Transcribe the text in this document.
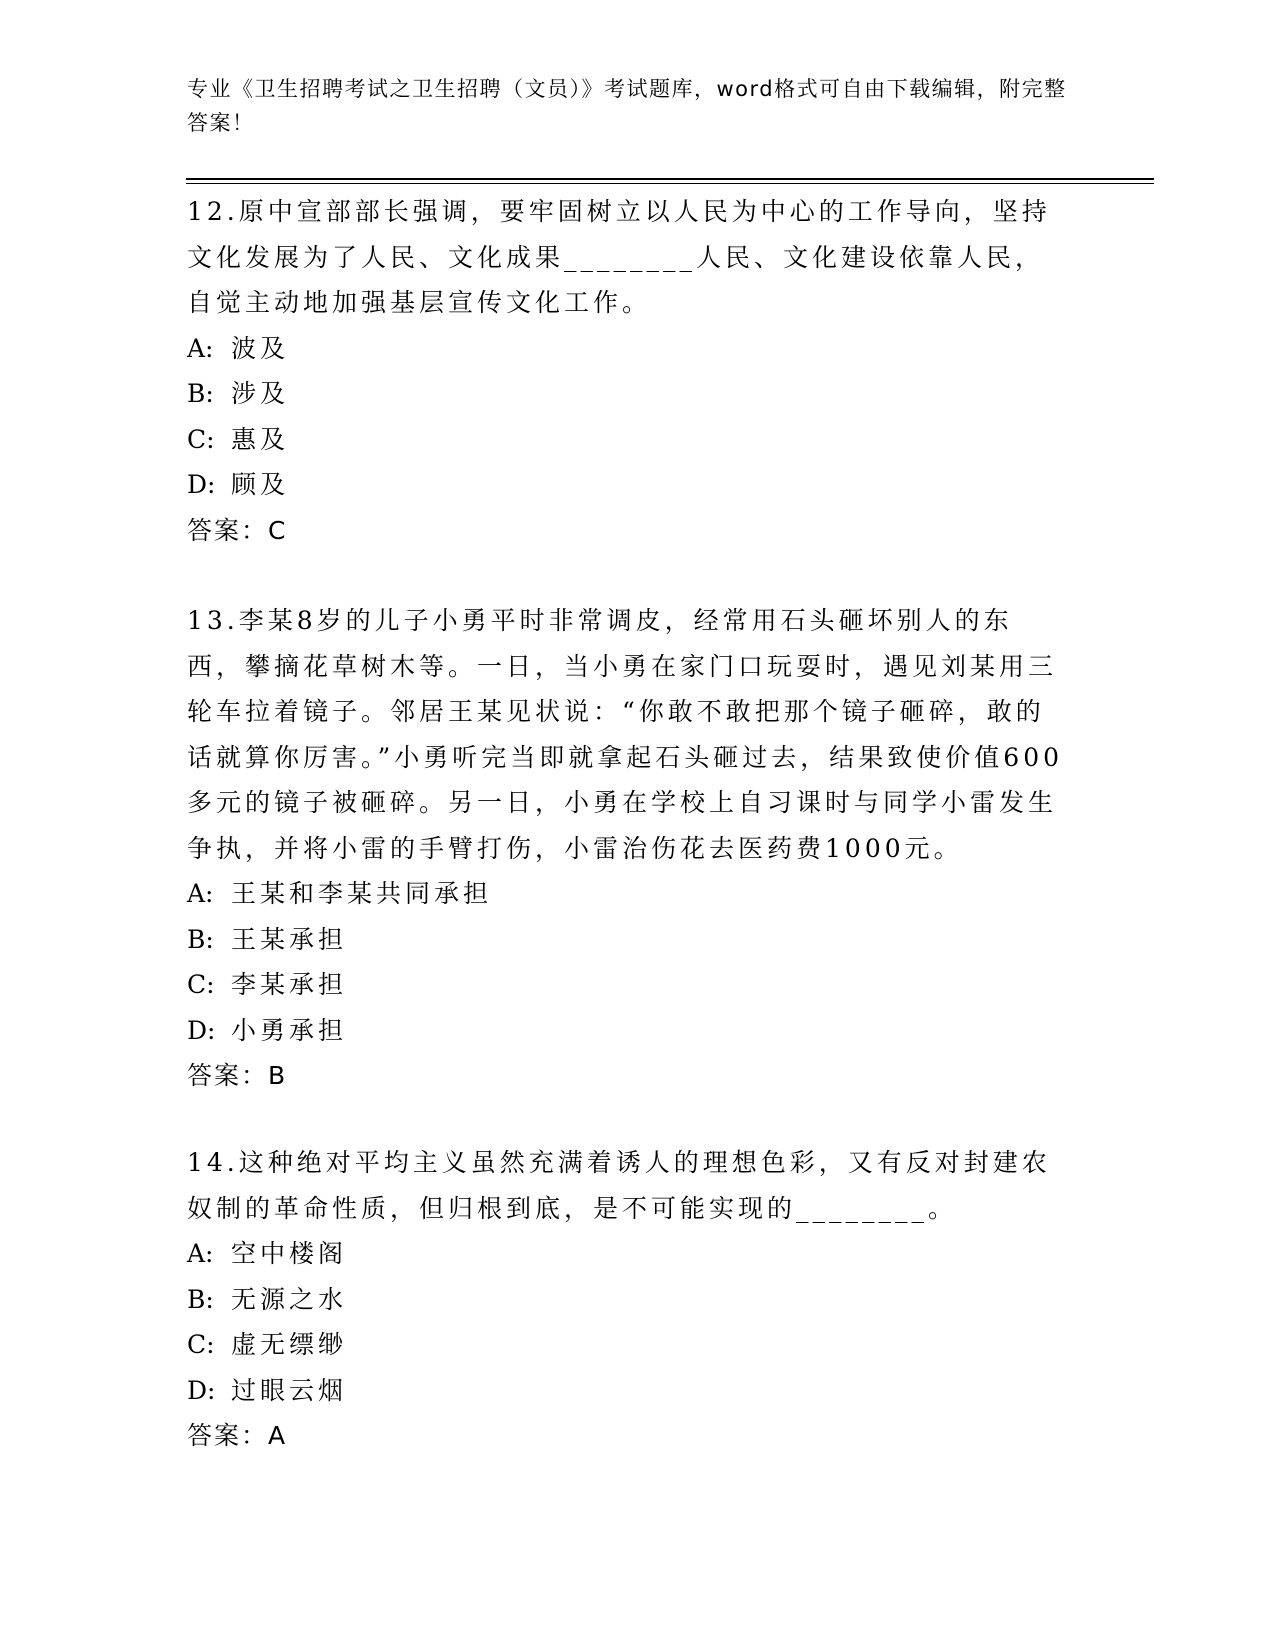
专业《卫生招聘考试之卫生招聘（文员）》考试题库，word格式可自由下载编辑，附完整答案！

12.原中宣部部长强调，要牢固树立以人民为中心的工作导向，坚持文化发展为了人民、文化成果________人民、文化建设依靠人民，自觉主动地加强基层宣传文化工作。

A: 波及

B: 涉及

C: 惠及

D: 顾及

答案：C

13.李某8岁的儿子小勇平时非常调皮，经常用石头砸坏别人的东西，攀摘花草树木等。一日，当小勇在家门口玩耍时，遇见刘某用三轮车拉着镜子。邻居王某见状说：“你敢不敢把那个镜子砸碎，敢的话就算你厉害。”小勇听完当即就拿起石头砸过去，结果致使价值600多元的镜子被砸碎。另一日，小勇在学校上自习课时与同学小雷发生争执，并将小雷的手臂打伤，小雷治伤花去医药费1000元。

A: 王某和李某共同承担

B: 王某承担

C: 李某承担

D: 小勇承担

答案：B

14.这种绝对平均主义虽然充满着诱人的理想色彩，又有反对封建农奴制的革命性质，但归根到底，是不可能实现的________。

A: 空中楼阁

B: 无源之水

C: 虚无缥缈

D: 过眼云烟

答案：A
